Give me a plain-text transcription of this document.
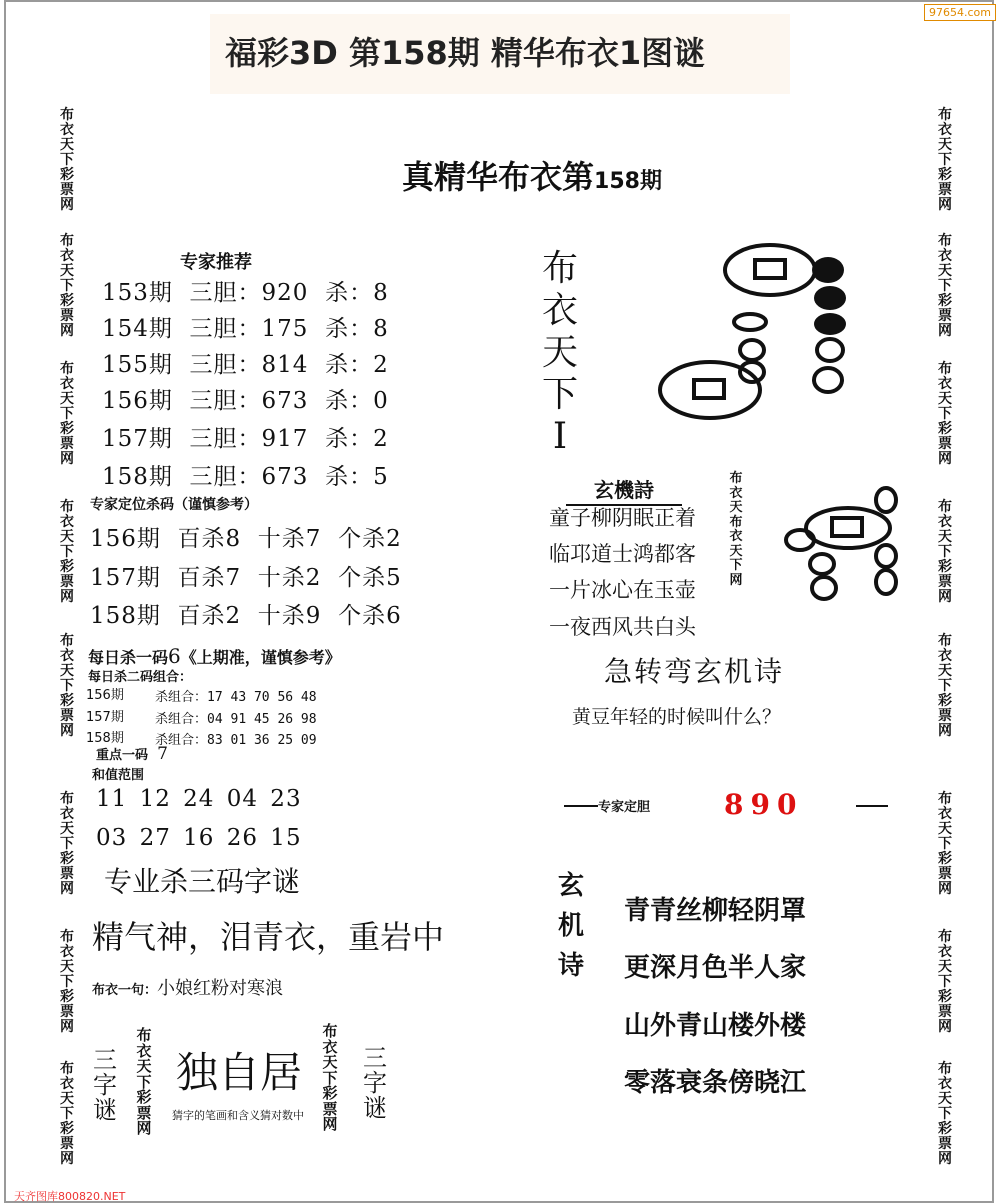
97654.com
福彩3D 第158期 精华布衣1图谜
布衣天下彩票网
布衣天下彩票网
布衣天下彩票网
布衣天下彩票网
布衣天下彩票网
布衣天下彩票网
布衣天下彩票网
布衣天下彩票网
布衣天下彩票网
布衣天下彩票网
布衣天下彩票网
布衣天下彩票网
布衣天下彩票网
布衣天下彩票网
布衣天下彩票网
布衣天下彩票网
真精华布衣第158期
专家推荐
153期 三胆：920 杀：8
154期 三胆：175 杀：8
155期 三胆：814 杀：2
156期 三胆：673 杀：0
157期 三胆：917 杀：2
158期 三胆：673 杀：5
专家定位杀码（谨慎参考）
156期 百杀8 十杀7 个杀2
157期 百杀7 十杀2 个杀5
158期 百杀2 十杀9 个杀6
每日杀一码6《上期准，谨慎参考》
每日杀二码组合：
156期 杀组合：17 43 70 56 48
157期 杀组合：04 91 45 26 98
158期 杀组合：83 01 36 25 09
重点一码 7
和值范围
11 12 24 04 23
03 27 16 26 15
专业杀三码字谜
精气神，泪青衣，重岩中
布衣一句：小娘红粉对寒浪
三字谜
布衣天下彩票网
独自居
猜字的笔画和含义猜对数中
布衣天下彩票网
三字谜
布衣天下I
玄機詩
童子柳阴眠正着
临邛道士鸿都客
一片冰心在玉壶
一夜西风共白头
布衣天布衣天下网
急转弯玄机诗
黄豆年轻的时候叫什么？
专家定胆	890
玄机诗
青青丝柳轻阴罩
更深月色半人家
山外青山楼外楼
零落衰条傍晓江
天齐图库800820.NET
